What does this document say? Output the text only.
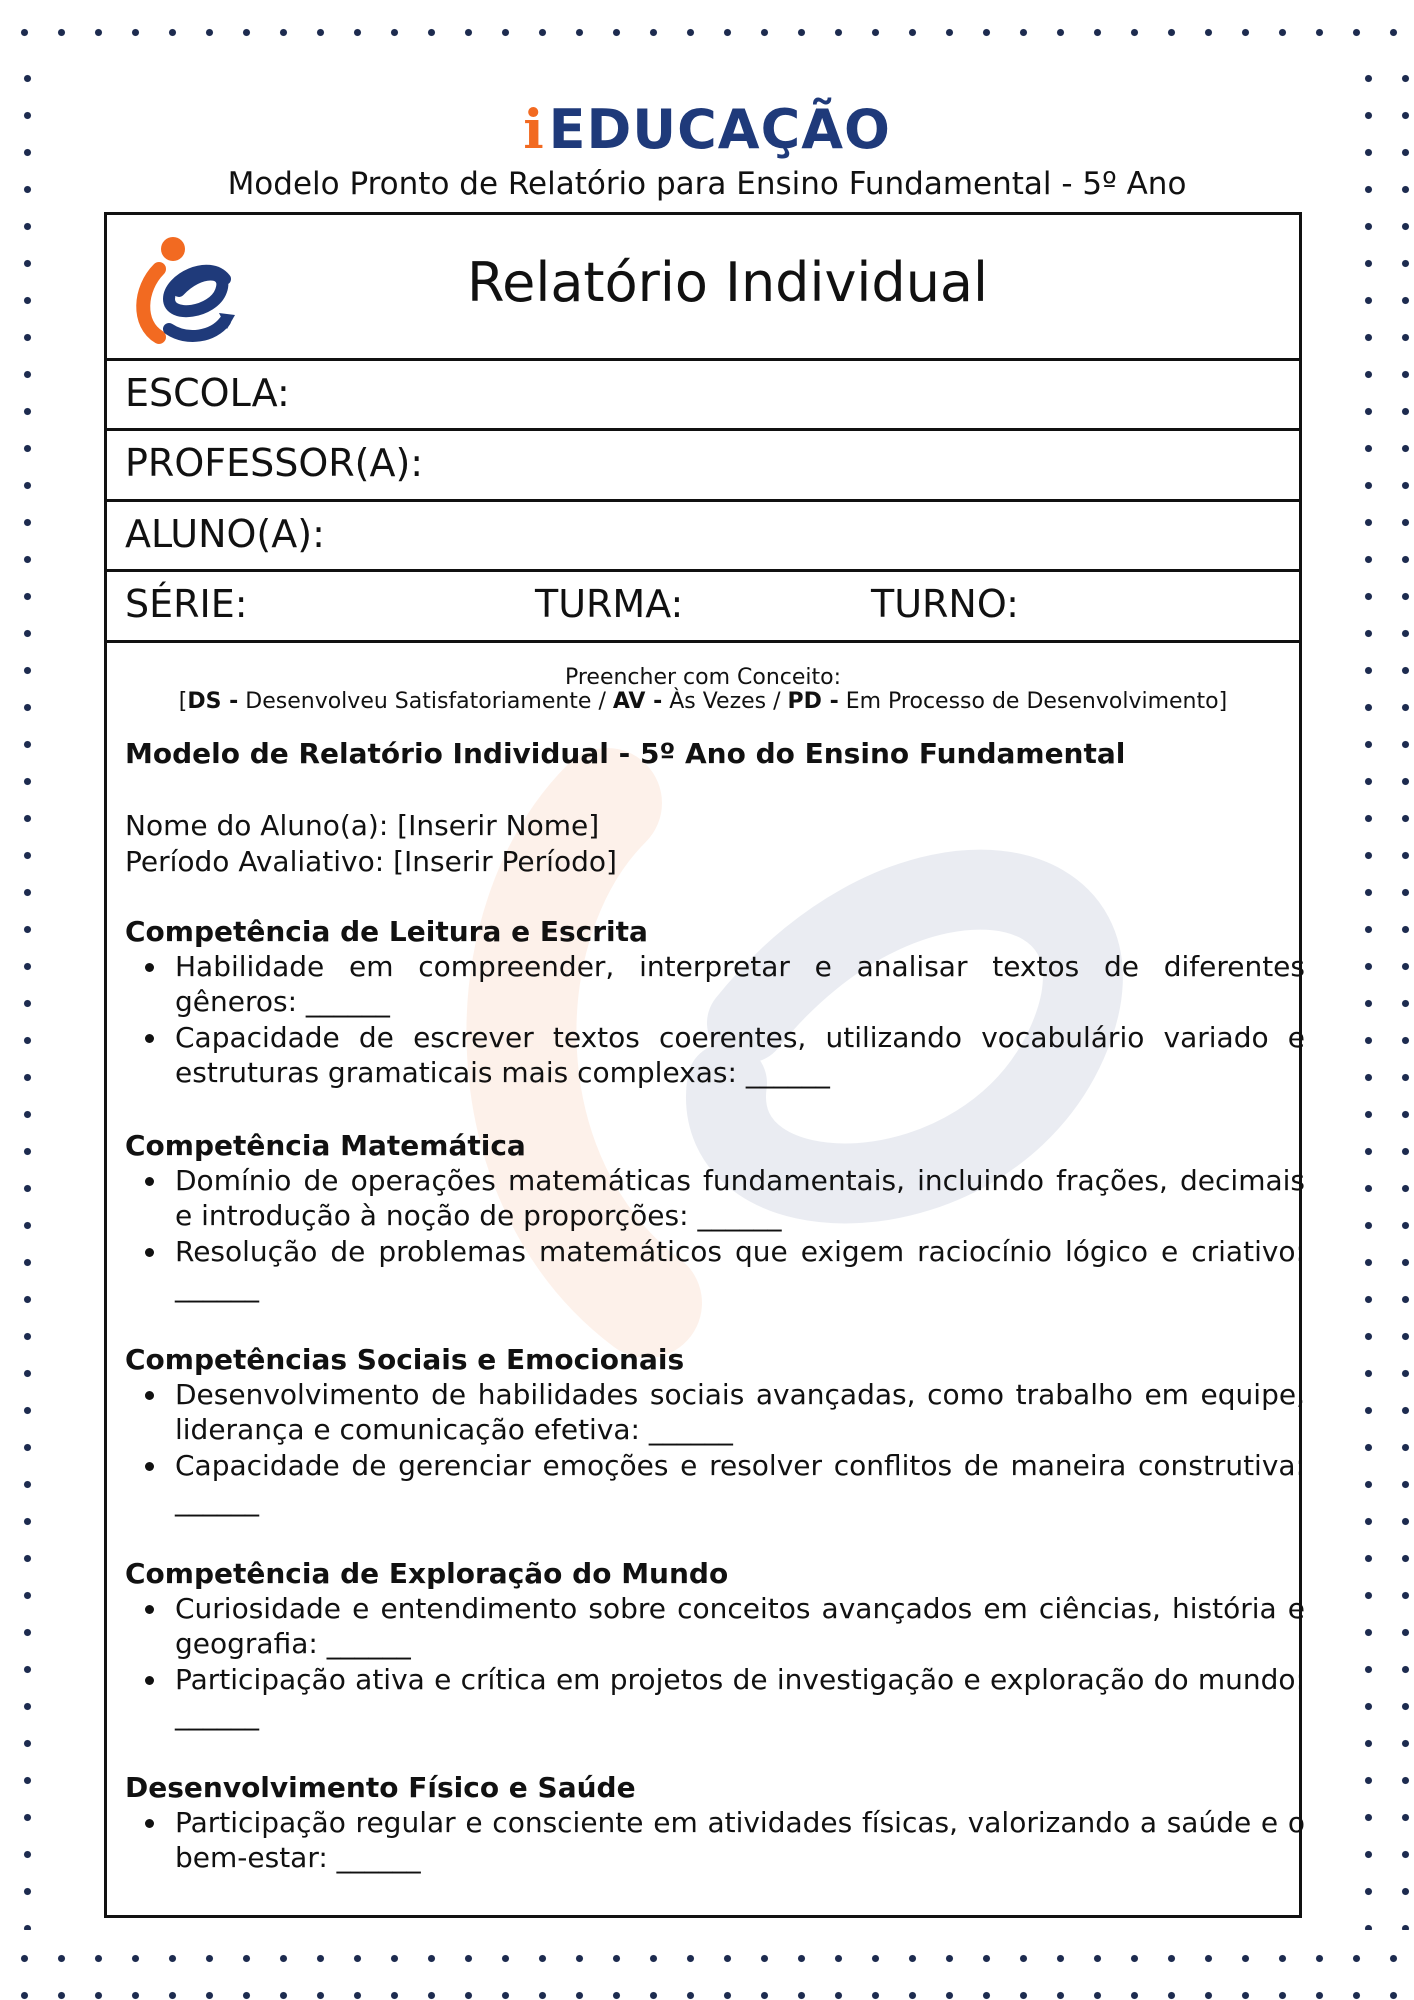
ℹEDUCAÇÃO
Modelo Pronto de Relatório para Ensino Fundamental - 5º Ano
Relatório Individual
ESCOLA:
PROFESSOR(A):
ALUNO(A):
SÉRIE:	TURMA:	TURNO:
Preencher com Conceito:
[DS - Desenvolveu Satisfatoriamente / AV - Às Vezes / PD - Em Processo de Desenvolvimento]
Modelo de Relatório Individual - 5º Ano do Ensino Fundamental
Nome do Aluno(a): [Inserir Nome]
Período Avaliativo: [Inserir Período]
Competência de Leitura e Escrita
Habilidade em compreender, interpretar e analisar textos de diferentes gêneros: ______
Capacidade de escrever textos coerentes, utilizando vocabulário variado e estruturas gramaticais mais complexas: ______
Competência Matemática
Domínio de operações matemáticas fundamentais, incluindo frações, decimais e introdução à noção de proporções: ______
Resolução de problemas matemáticos que exigem raciocínio lógico e criativo: ______
Competências Sociais e Emocionais
Desenvolvimento de habilidades sociais avançadas, como trabalho em equipe, liderança e comunicação efetiva: ______
Capacidade de gerenciar emoções e resolver conflitos de maneira construtiva: ______
Competência de Exploração do Mundo
Curiosidade e entendimento sobre conceitos avançados em ciências, história e geografia: ______
Participação ativa e crítica em projetos de investigação e exploração do mundo: ______
Desenvolvimento Físico e Saúde
Participação regular e consciente em atividades físicas, valorizando a saúde e o bem-estar: ______
